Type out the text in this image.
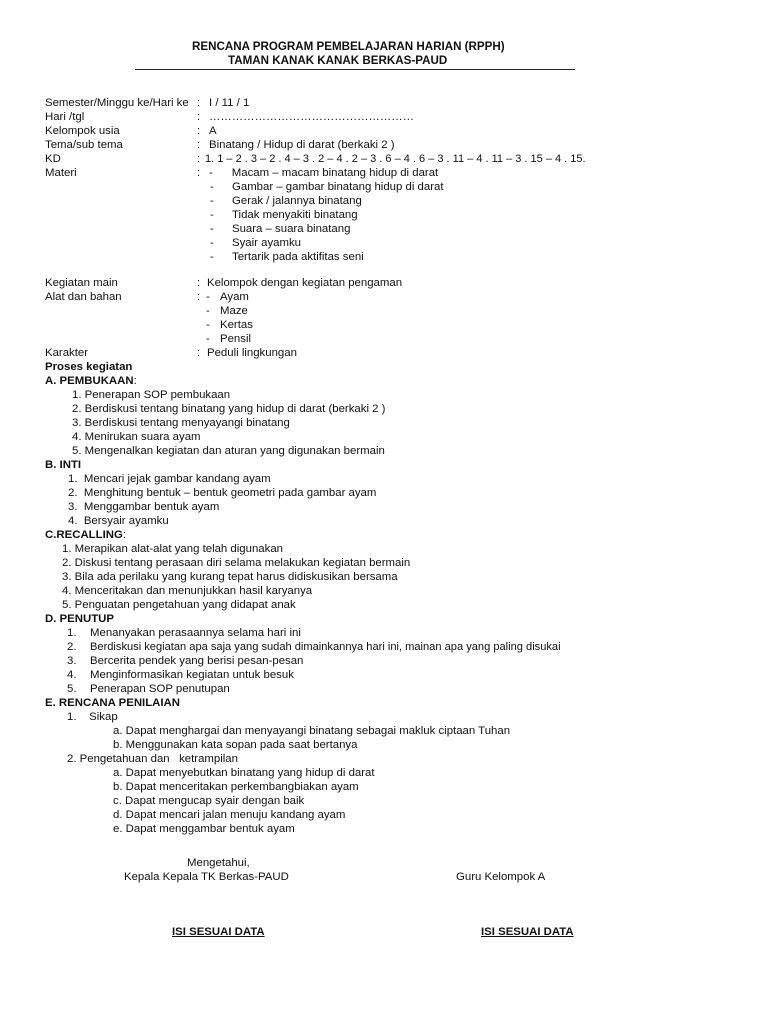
RENCANA PROGRAM PEMBELAJARAN HARIAN (RPPH)
TAMAN KANAK KANAK BERKAS-PAUD
Semester/Minggu ke/Hari ke : I / 11 / 1
Hari /tgl	: ………………………………………………
Kelompok usia	: A
Tema/sub tema	: Binatang / Hidup di darat (berkaki 2 )
KD	: 1. 1 – 2 . 3 – 2 . 4 – 3 . 2 – 4 . 2 – 3 . 6 – 4 . 6 – 3 . 11 – 4 . 11 – 3 . 15 – 4 . 15.
Materi	: -      Macam – macam binatang hidup di darat
- Gambar – gambar binatang hidup di darat
- Gerak / jalannya binatang
- Tidak menyakiti binatang
- Suara – suara binatang
- Syair ayamku
- Tertarik pada aktifitas seni
Kegiatan main	: Kelompok dengan kegiatan pengaman
Alat dan bahan	: - Ayam
- Maze
- Kertas
- Pensil
Karakter	: Peduli lingkungan
Proses kegiatan
A. PEMBUKAAN:
1. Penerapan SOP pembukaan
2. Berdiskusi tentang binatang yang hidup di darat (berkaki 2 )
3. Berdiskusi tentang menyayangi binatang
4. Menirukan suara ayam
5. Mengenalkan kegiatan dan aturan yang digunakan bermain
B. INTI
1.  Mencari jejak gambar kandang ayam
2.  Menghitung bentuk – bentuk geometri pada gambar ayam
3.  Menggambar bentuk ayam
4.  Bersyair ayamku
C.RECALLING:
1. Merapikan alat-alat yang telah digunakan
2. Diskusi tentang perasaan diri selama melakukan kegiatan bermain
3. Bila ada perilaku yang kurang tepat harus didiskusikan bersama
4. Menceritakan dan menunjukkan hasil karyanya
5. Penguatan pengetahuan yang didapat anak
D. PENUTUP
1. Menanyakan perasaannya selama hari ini
2. Berdiskusi kegiatan apa saja yang sudah dimainkannya hari ini, mainan apa yang paling disukai
3. Bercerita pendek yang berisi pesan-pesan
4. Menginformasikan kegiatan untuk besuk
5. Penerapan SOP penutupan
E. RENCANA PENILAIAN
1.    Sikap
a. Dapat menghargai dan menyayangi binatang sebagai makluk ciptaan Tuhan
b. Menggunakan kata sopan pada saat bertanya
2. Pengetahuan dan   ketrampilan
a. Dapat menyebutkan binatang yang hidup di darat
b. Dapat menceritakan perkembangbiakan ayam
c. Dapat mengucap syair dengan baik
d. Dapat mencari jalan menuju kandang ayam
e. Dapat menggambar bentuk ayam
Mengetahui,
Kepala Kepala TK Berkas-PAUD	Guru Kelompok A
ISI SESUAI DATA	ISI SESUAI DATA
